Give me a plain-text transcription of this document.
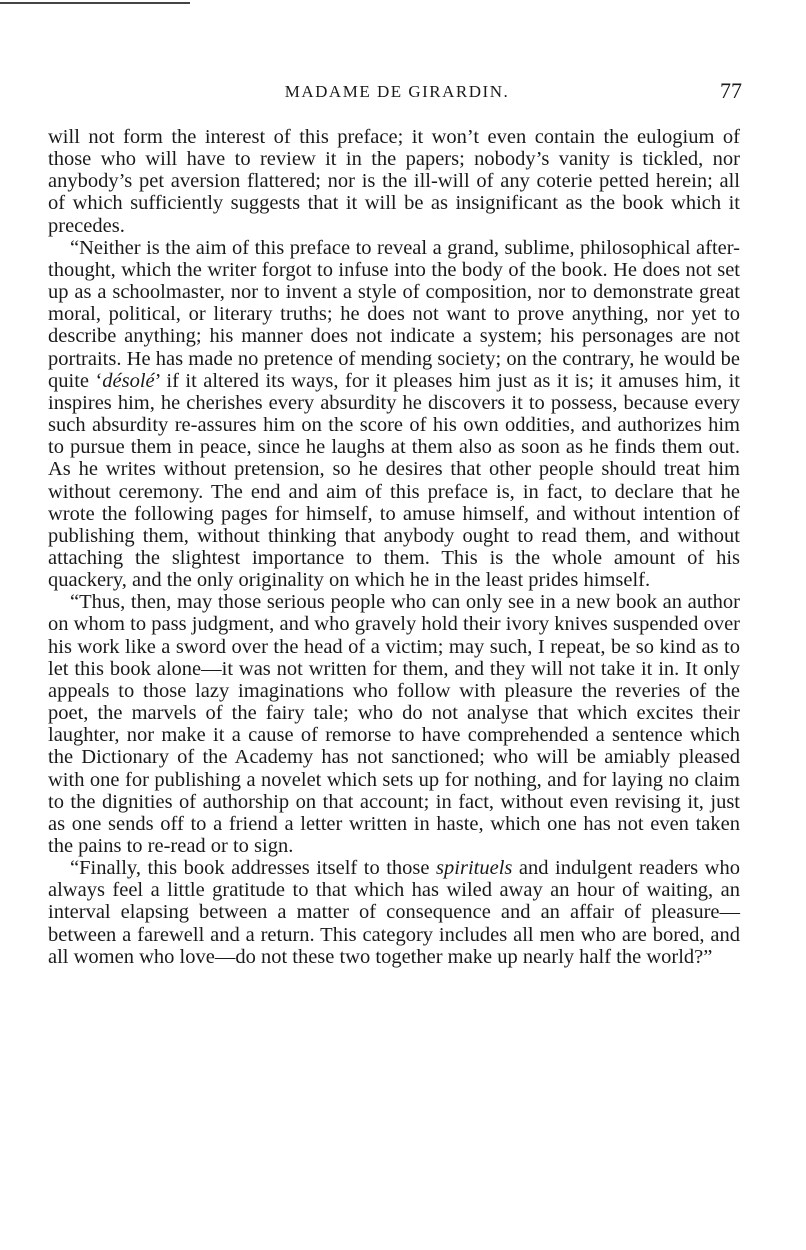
MADAME DE GIRARDIN.	77

will not form the interest of this preface; it won’t even contain the eulogium of those who will have to review it in the papers; nobody’s vanity is tickled, nor anybody’s pet aversion flattered; nor is the ill-will of any coterie petted herein; all of which sufficiently suggests that it will be as insignificant as the book which it precedes.

“Neither is the aim of this preface to reveal a grand, sublime, philosophical after-thought, which the writer forgot to infuse into the body of the book. He does not set up as a schoolmaster, nor to invent a style of composition, nor to demonstrate great moral, political, or literary truths; he does not want to prove anything, nor yet to describe anything; his manner does not indicate a system; his personages are not portraits. He has made no pretence of mending society; on the contrary, he would be quite ‘désolé’ if it altered its ways, for it pleases him just as it is; it amuses him, it inspires him, he cherishes every absurdity he discovers it to possess, because every such absurdity re-assures him on the score of his own oddities, and authorizes him to pursue them in peace, since he laughs at them also as soon as he finds them out. As he writes without pretension, so he desires that other people should treat him without ceremony. The end and aim of this preface is, in fact, to declare that he wrote the following pages for himself, to amuse himself, and without intention of publishing them, without thinking that anybody ought to read them, and without attaching the slightest importance to them. This is the whole amount of his quackery, and the only originality on which he in the least prides himself.

“Thus, then, may those serious people who can only see in a new book an author on whom to pass judgment, and who gravely hold their ivory knives suspended over his work like a sword over the head of a victim; may such, I repeat, be so kind as to let this book alone—it was not written for them, and they will not take it in. It only appeals to those lazy imaginations who follow with pleasure the reveries of the poet, the marvels of the fairy tale; who do not analyse that which excites their laughter, nor make it a cause of remorse to have comprehended a sentence which the Dictionary of the Academy has not sanctioned; who will be amiably pleased with one for publishing a novelet which sets up for nothing, and for laying no claim to the dignities of authorship on that account; in fact, without even revising it, just as one sends off to a friend a letter written in haste, which one has not even taken the pains to re-read or to sign.

“Finally, this book addresses itself to those spirituels and indulgent readers who always feel a little gratitude to that which has wiled away an hour of waiting, an interval elapsing between a matter of consequence and an affair of pleasure—between a farewell and a return. This category includes all men who are bored, and all women who love—do not these two together make up nearly half the world?”
